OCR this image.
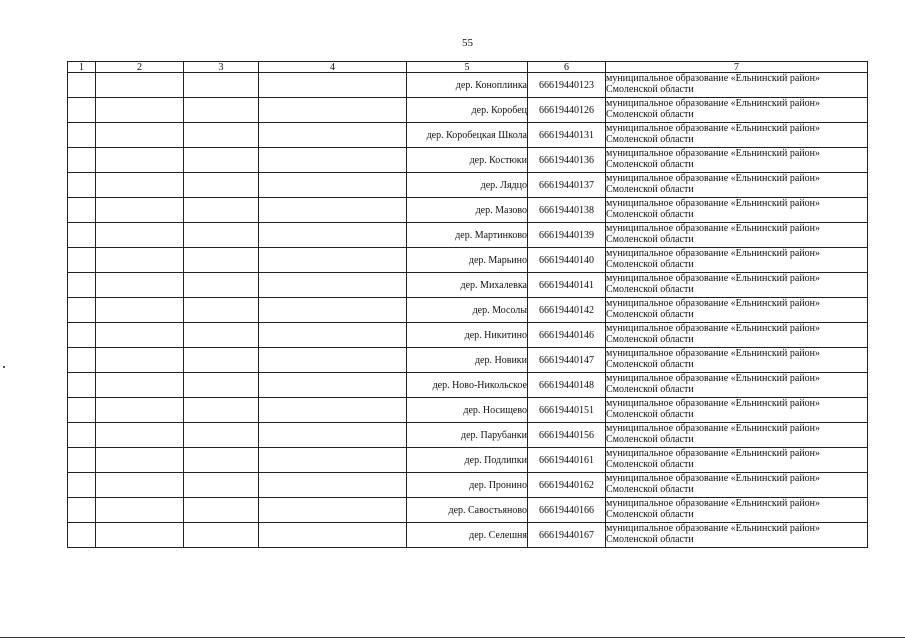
55
1	2	3	4	5	6	7
				дер. Коноплинка	66619440123	муниципальное образование «Ельнинский район»
Смоленской области

				дер. Коробец	66619440126	муниципальное образование «Ельнинский район»
Смоленской области

				дер. Коробецкая Школа	66619440131	муниципальное образование «Ельнинский район»
Смоленской области

				дер. Костюки	66619440136	муниципальное образование «Ельнинский район»
Смоленской области

				дер. Лядцо	66619440137	муниципальное образование «Ельнинский район»
Смоленской области

				дер. Мазово	66619440138	муниципальное образование «Ельнинский район»
Смоленской области

				дер. Мартинково	66619440139	муниципальное образование «Ельнинский район»
Смоленской области

				дер. Марьино	66619440140	муниципальное образование «Ельнинский район»
Смоленской области

				дер. Михалевка	66619440141	муниципальное образование «Ельнинский район»
Смоленской области

				дер. Мосолы	66619440142	муниципальное образование «Ельнинский район»
Смоленской области

				дер. Никитино	66619440146	муниципальное образование «Ельнинский район»
Смоленской области

				дер. Новики	66619440147	муниципальное образование «Ельнинский район»
Смоленской области

				дер. Ново-Никольское	66619440148	муниципальное образование «Ельнинский район»
Смоленской области

				дер. Носищево	66619440151	муниципальное образование «Ельнинский район»
Смоленской области

				дер. Парубанки	66619440156	муниципальное образование «Ельнинский район»
Смоленской области

				дер. Подлипки	66619440161	муниципальное образование «Ельнинский район»
Смоленской области

				дер. Пронино	66619440162	муниципальное образование «Ельнинский район»
Смоленской области

				дер. Савостьяново	66619440166	муниципальное образование «Ельнинский район»
Смоленской области

				дер. Селешня	66619440167	муниципальное образование «Ельнинский район»
Смоленской области
